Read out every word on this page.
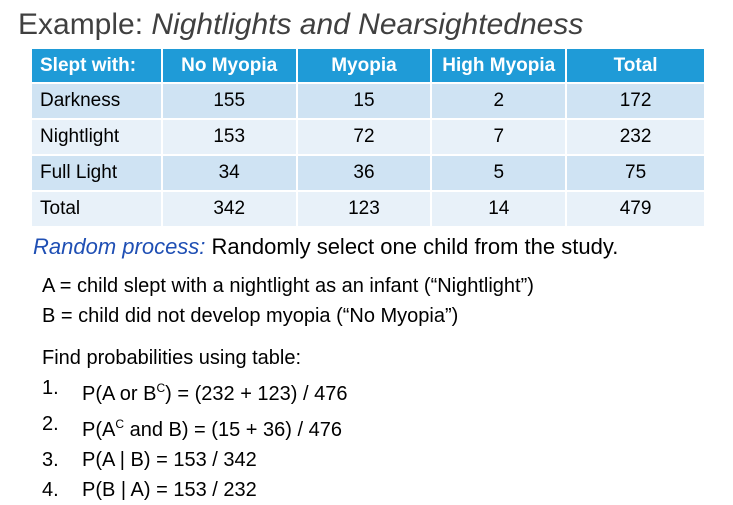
Example: Nightlights and Nearsightedness
Slept with:	No Myopia	Myopia	High Myopia	Total
Darkness	155	15	2	172
Nightlight	153	72	7	232
Full Light	34	36	5	75
Total	342	123	14	479
Random process: Randomly select one child from the study.
A = child slept with a nightlight as an infant (“Nightlight”)
B = child did not develop myopia (“No Myopia”)
Find probabilities using table:
1.	P(A or $B^C) = (232 + 123) / 476$
2.	$P(A^C$ and B) = (15 + 36) / 476
3.	P(A | B) = 153 / 342
4.	P(B | A) = 153 / 232
